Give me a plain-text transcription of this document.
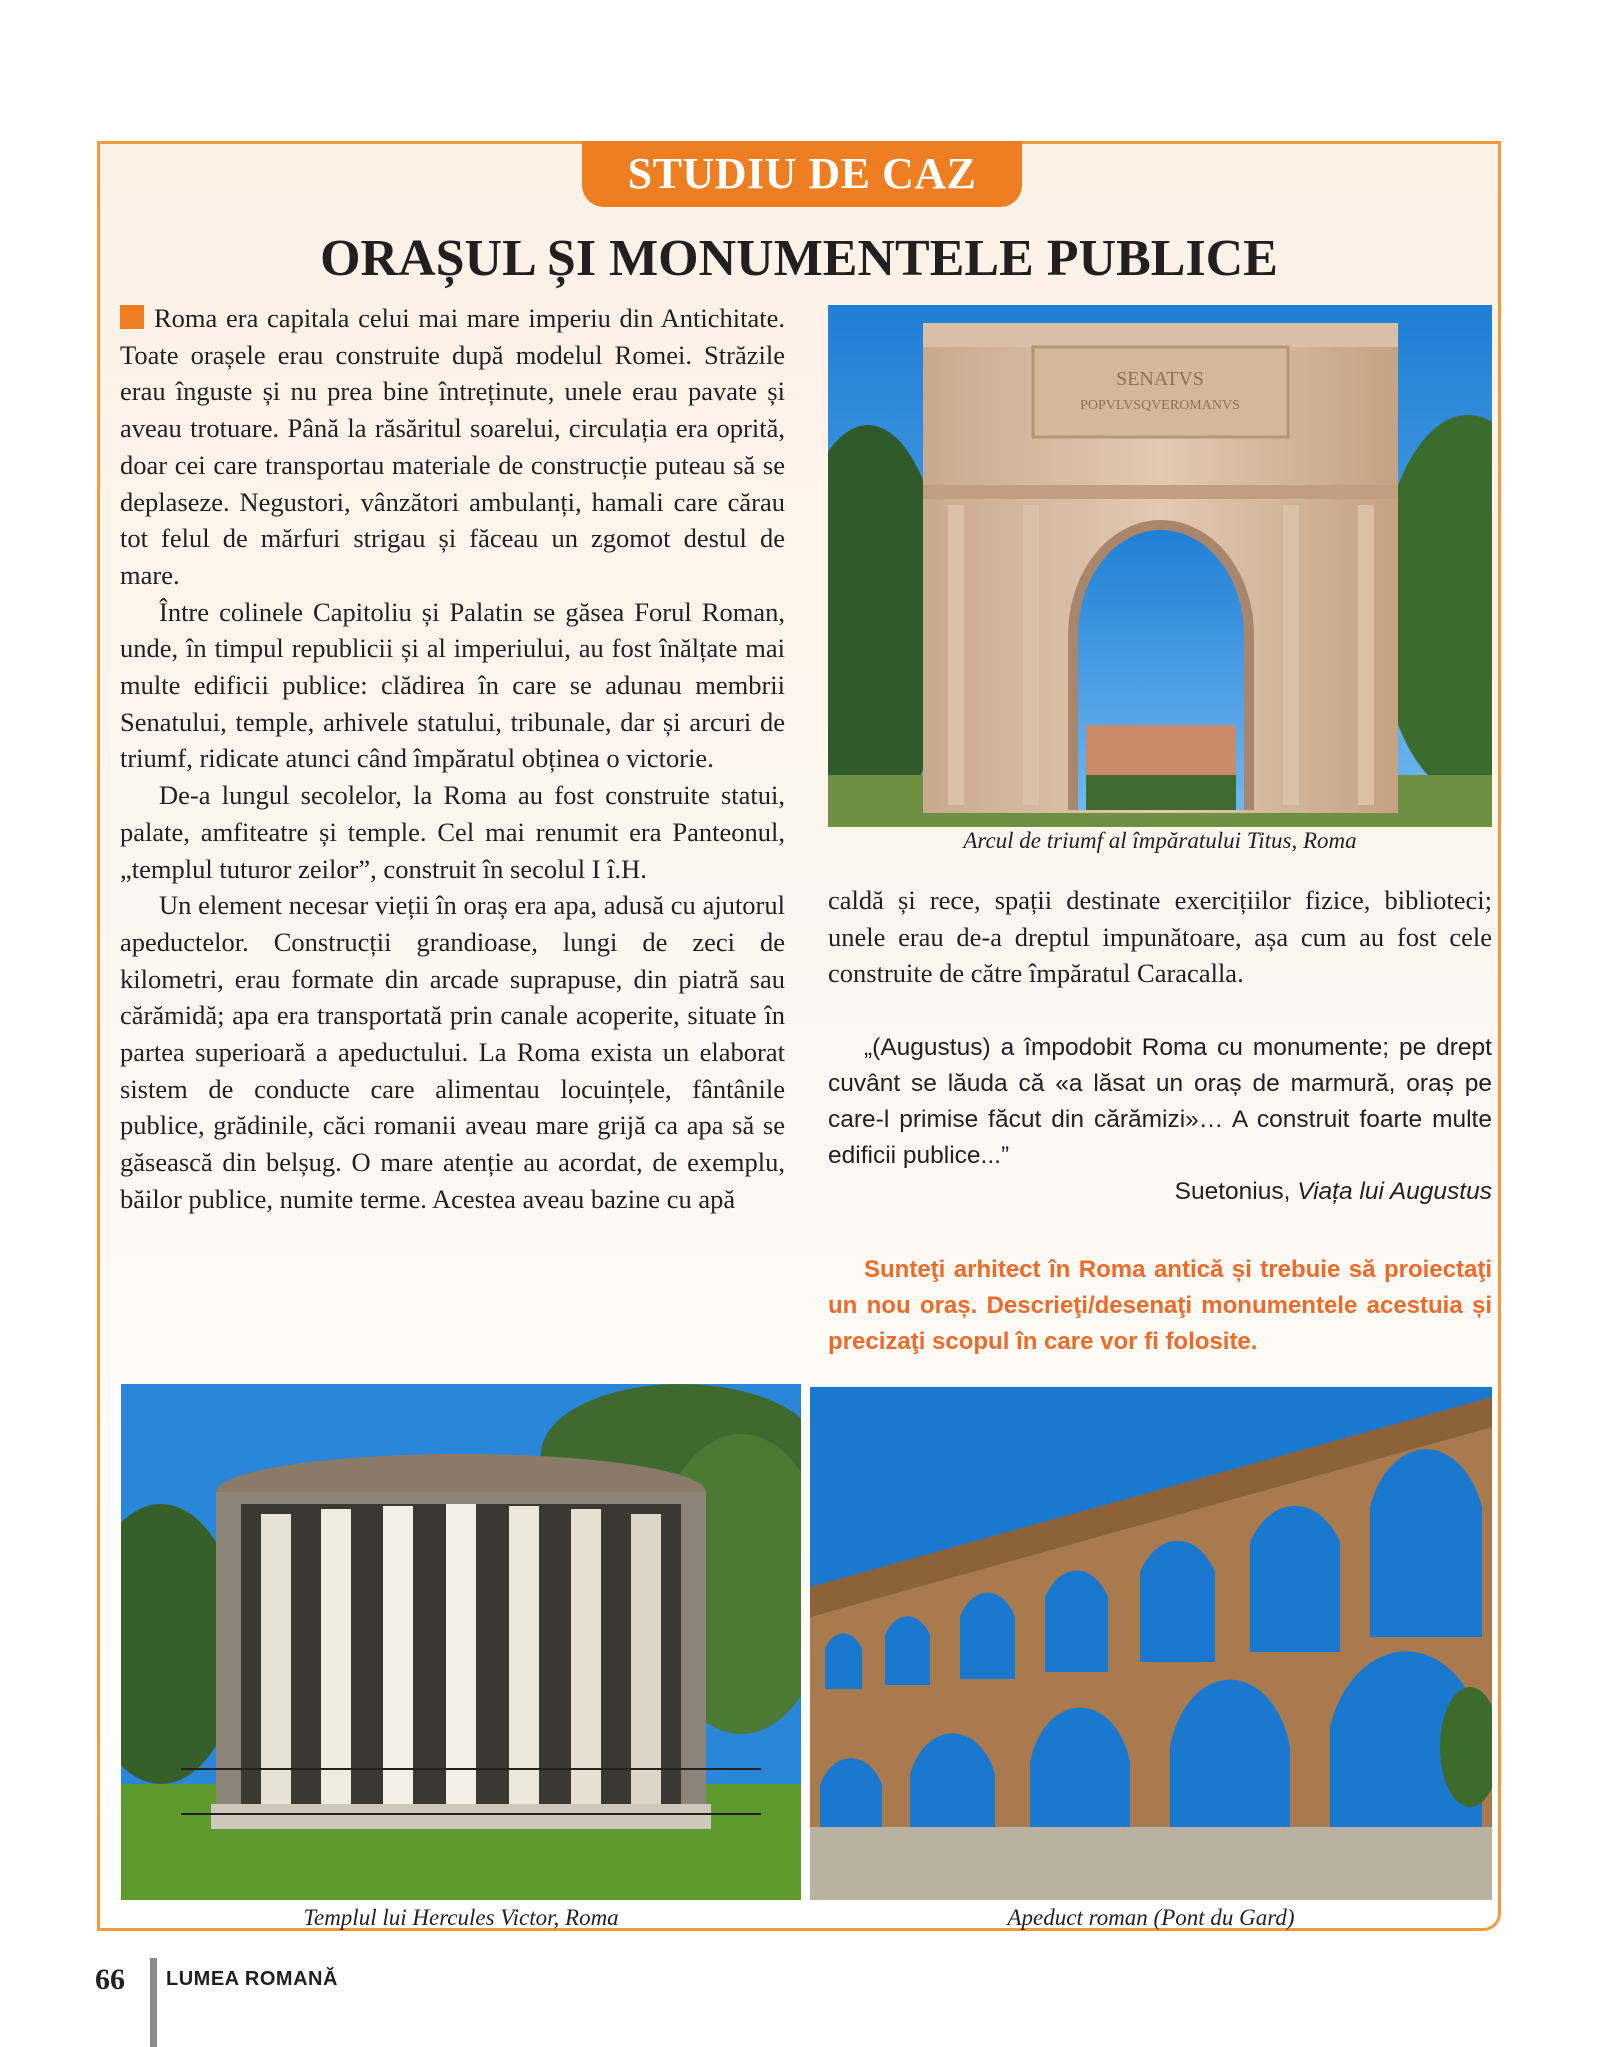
STUDIU DE CAZ
ORAȘUL ȘI MONUMENTELE PUBLICE

Roma era capitala celui mai mare imperiu din Antichitate. Toate orașele erau construite după modelul Romei. Străzile erau înguste și nu prea bine întreținute, unele erau pavate și aveau trotuare. Până la răsăritul soarelui, circulația era oprită, doar cei care transportau materiale de construcție puteau să se deplaseze. Negustori, vânzători ambulanți, hamali care cărau tot felul de mărfuri strigau și făceau un zgomot destul de mare.

Între colinele Capitoliu și Palatin se găsea Forul Roman, unde, în timpul republicii și al imperiului, au fost înălțate mai multe edificii publice: clădirea în care se adunau membrii Senatului, temple, arhivele statului, tribunale, dar și arcuri de triumf, ridicate atunci când împăratul obținea o victorie.

De-a lungul secolelor, la Roma au fost construite statui, palate, amfiteatre și temple. Cel mai renumit era Panteonul, „templul tuturor zeilor”, construit în secolul I î.H.

Un element necesar vieții în oraș era apa, adusă cu ajutorul apeductelor. Construcții grandioase, lungi de zeci de kilometri, erau formate din arcade suprapuse, din piatră sau cărămidă; apa era transportată prin canale acoperite, situate în partea superioară a apeductului. La Roma exista un elaborat sistem de conducte care alimentau locuințele, fântânile publice, grădinile, căci romanii aveau mare grijă ca apa să se găsească din belșug. O mare atenție au acordat, de exemplu, băilor publice, numite terme. Acestea aveau bazine cu apă

SENATVS
POPVLVSQVEROMANVS
Arcul de triumf al împăratului Titus, Roma

caldă și rece, spații destinate exercițiilor fizice, biblioteci; unele erau de-a dreptul impunătoare, așa cum au fost cele construite de către împăratul Caracalla.

„(Augustus) a împodobit Roma cu monumente; pe drept cuvânt se lăuda că «a lăsat un oraș de marmură, oraș pe care-l primise făcut din cărămizi»… A construit foarte multe edificii publice...”

Suetonius, Viața lui Augustus

Sunteţi arhitect în Roma antică și trebuie să proiectaţi un nou oraș. Descrieţi/desenaţi monumentele acestuia și precizaţi scopul în care vor fi folosite.

Templul lui Hercules Victor, Roma	Apeduct roman (Pont du Gard)
66 LUMEA ROMANĂ
